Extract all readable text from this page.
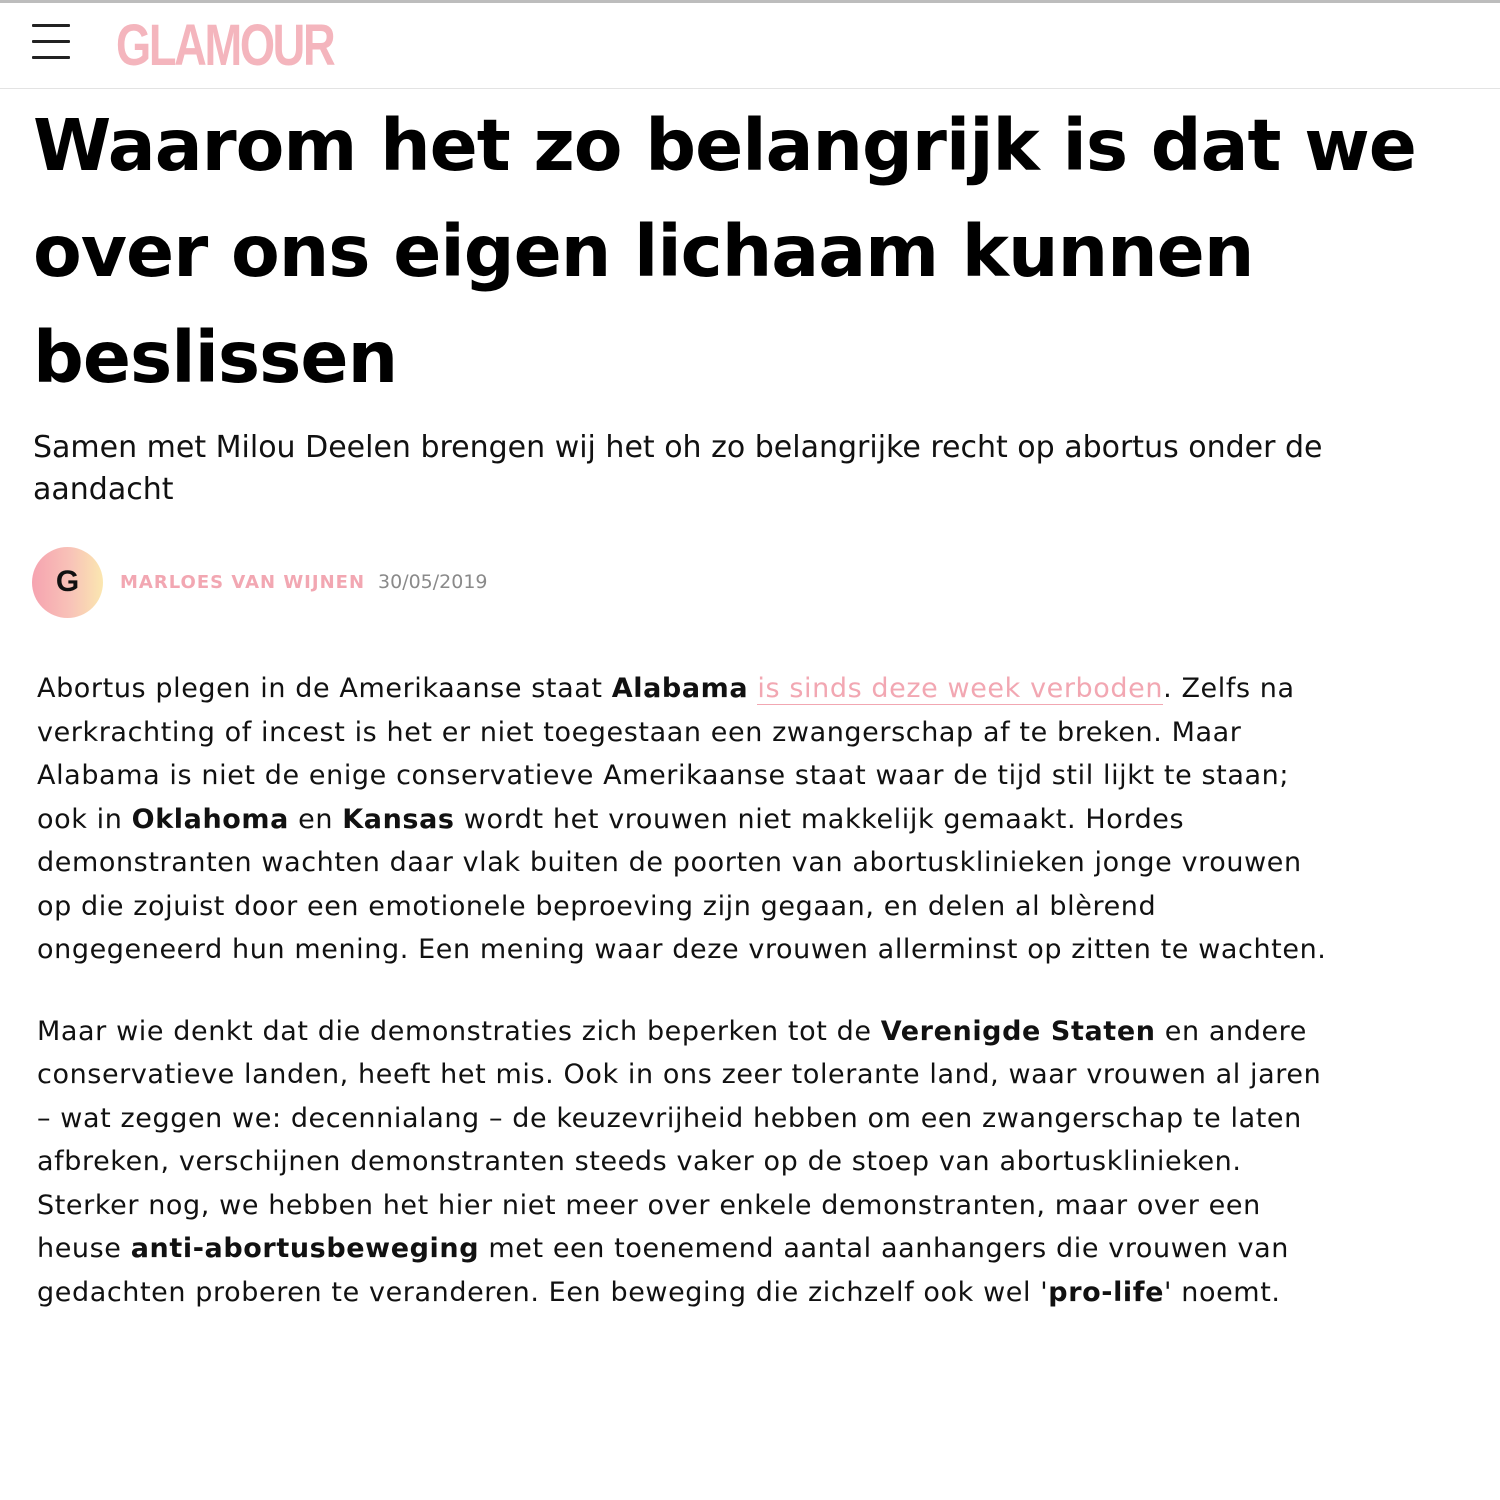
GLAMOUR
Waarom het zo belangrijk is dat we over ons eigen lichaam kunnen beslissen

Samen met Milou Deelen brengen wij het oh zo belangrijke recht op abortus onder de aandacht

G	MARLOES VAN WIJNEN 30/05/2019

Abortus plegen in de Amerikaanse staat Alabama is sinds deze week verboden. Zelfs na verkrachting of incest is het er niet toegestaan een zwangerschap af te breken. Maar Alabama is niet de enige conservatieve Amerikaanse staat waar de tijd stil lijkt te staan; ook in Oklahoma en Kansas wordt het vrouwen niet makkelijk gemaakt. Hordes demonstranten wachten daar vlak buiten de poorten van abortusklinieken jonge vrouwen op die zojuist door een emotionele beproeving zijn gegaan, en delen al blèrend ongegeneerd hun mening. Een mening waar deze vrouwen allerminst op zitten te wachten.

Maar wie denkt dat die demonstraties zich beperken tot de Verenigde Staten en andere conservatieve landen, heeft het mis. Ook in ons zeer tolerante land, waar vrouwen al jaren – wat zeggen we: decennialang – de keuzevrijheid hebben om een zwangerschap te laten afbreken, verschijnen demonstranten steeds vaker op de stoep van abortusklinieken. Sterker nog, we hebben het hier niet meer over enkele demonstranten, maar over een heuse anti-abortusbeweging met een toenemend aantal aanhangers die vrouwen van gedachten proberen te veranderen. Een beweging die zichzelf ook wel 'pro-life' noemt.
